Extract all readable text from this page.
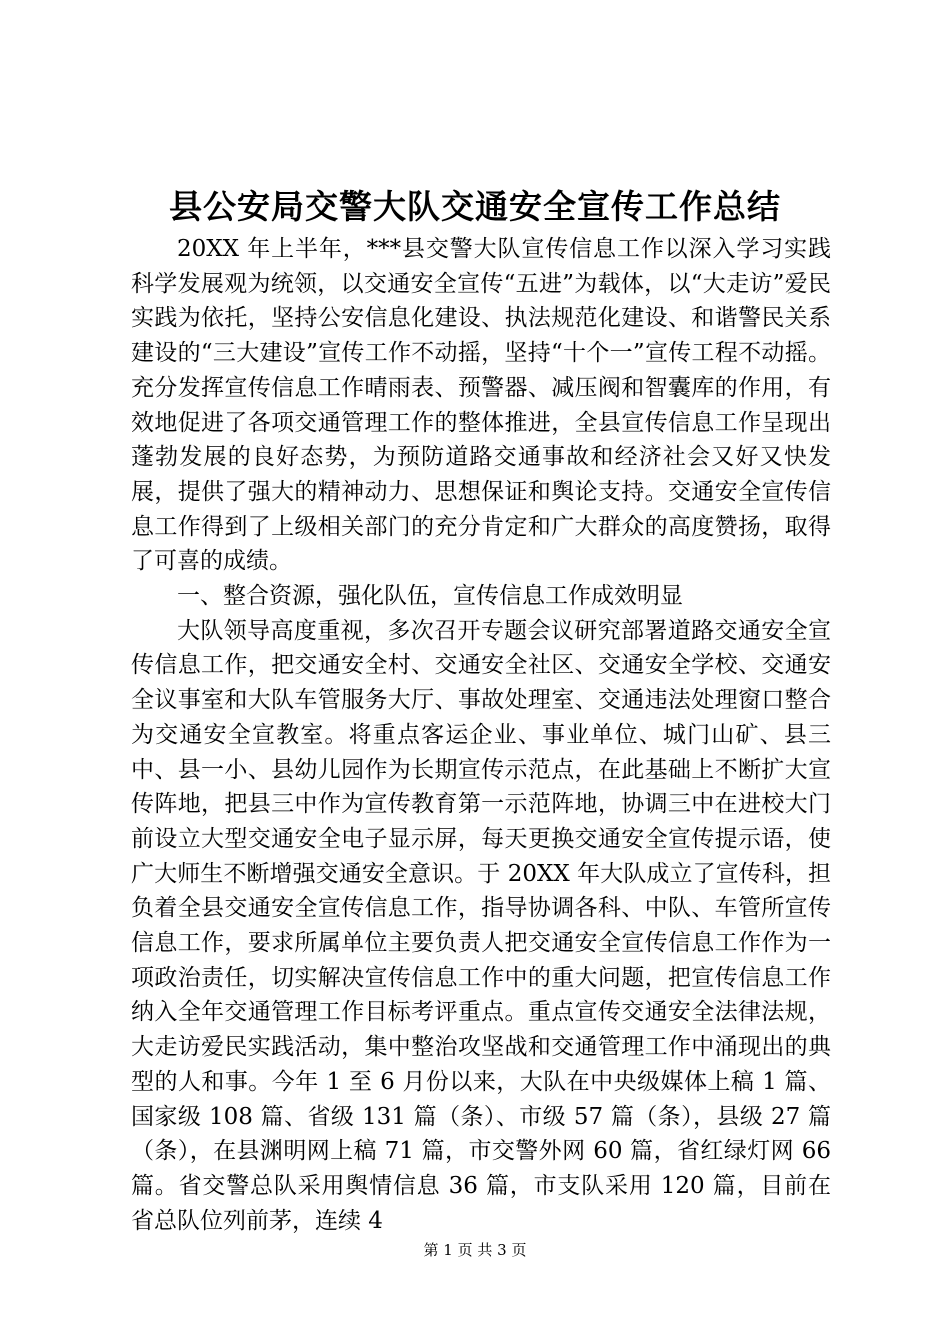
县公安局交警大队交通安全宣传工作总结

20XX 年上半年，***县交警大队宣传信息工作以深入学习实践科学发展观为统领，以交通安全宣传“五进”为载体，以“大走访”爱民实践为依托，坚持公安信息化建设、执法规范化建设、和谐警民关系建设的“三大建设”宣传工作不动摇，坚持“十个一”宣传工程不动摇。充分发挥宣传信息工作晴雨表、预警器、减压阀和智囊库的作用，有效地促进了各项交通管理工作的整体推进，全县宣传信息工作呈现出蓬勃发展的良好态势，为预防道路交通事故和经济社会又好又快发展，提供了强大的精神动力、思想保证和舆论支持。交通安全宣传信息工作得到了上级相关部门的充分肯定和广大群众的高度赞扬，取得了可喜的成绩。

一、整合资源，强化队伍，宣传信息工作成效明显

大队领导高度重视，多次召开专题会议研究部署道路交通安全宣传信息工作，把交通安全村、交通安全社区、交通安全学校、交通安全议事室和大队车管服务大厅、事故处理室、交通违法处理窗口整合为交通安全宣教室。将重点客运企业、事业单位、城门山矿、县三中、县一小、县幼儿园作为长期宣传示范点，在此基础上不断扩大宣传阵地，把县三中作为宣传教育第一示范阵地，协调三中在进校大门前设立大型交通安全电子显示屏，每天更换交通安全宣传提示语，使广大师生不断增强交通安全意识。于 20XX 年大队成立了宣传科，担负着全县交通安全宣传信息工作，指导协调各科、中队、车管所宣传信息工作，要求所属单位主要负责人把交通安全宣传信息工作作为一项政治责任，切实解决宣传信息工作中的重大问题，把宣传信息工作纳入全年交通管理工作目标考评重点。重点宣传交通安全法律法规，大走访爱民实践活动，集中整治攻坚战和交通管理工作中涌现出的典型的人和事。今年 1 至 6 月份以来，大队在中央级媒体上稿 1 篇、国家级 108 篇、省级 131 篇（条）、市级 57 篇（条），县级 27 篇（条），在县渊明网上稿 71 篇，市交警外网 60 篇，省红绿灯网 66 篇。省交警总队采用舆情信息 36 篇，市支队采用 120 篇，目前在省总队位列前茅，连续 4

第 1 页 共 3 页
